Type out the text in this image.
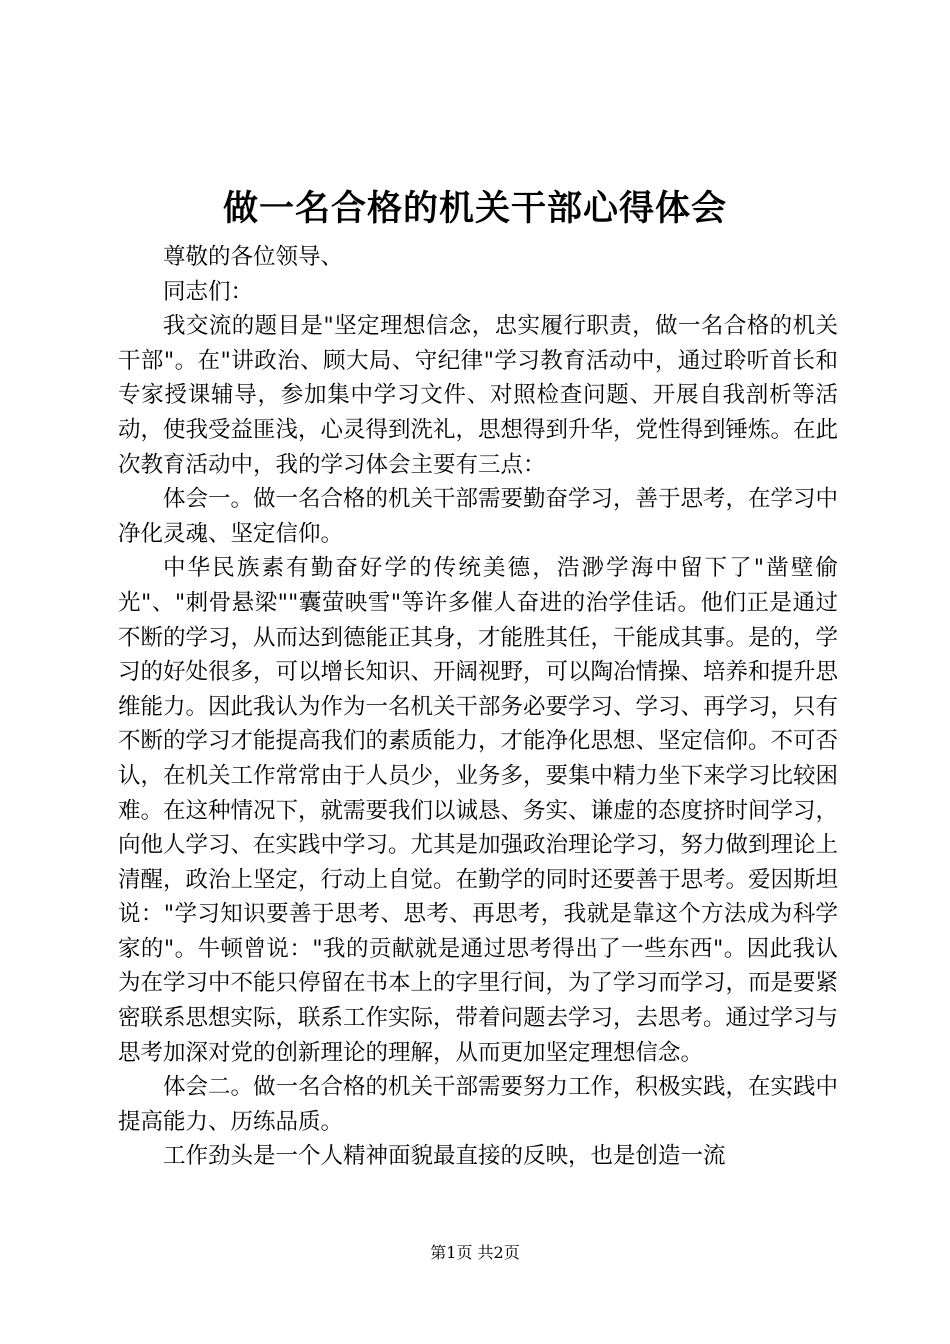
做一名合格的机关干部心得体会

尊敬的各位领导、

同志们：

我交流的题目是"坚定理想信念，忠实履行职责，做一名合格的机关干部"。在"讲政治、顾大局、守纪律"学习教育活动中，通过聆听首长和专家授课辅导，参加集中学习文件、对照检查问题、开展自我剖析等活动，使我受益匪浅，心灵得到洗礼，思想得到升华，党性得到锤炼。在此次教育活动中，我的学习体会主要有三点：

体会一。做一名合格的机关干部需要勤奋学习，善于思考，在学习中净化灵魂、坚定信仰。

中华民族素有勤奋好学的传统美德，浩渺学海中留下了"凿壁偷光"、"刺骨悬梁""囊萤映雪"等许多催人奋进的治学佳话。他们正是通过不断的学习，从而达到德能正其身，才能胜其任，干能成其事。是的，学习的好处很多，可以增长知识、开阔视野，可以陶冶情操、培养和提升思维能力。因此我认为作为一名机关干部务必要学习、学习、再学习，只有不断的学习才能提高我们的素质能力，才能净化思想、坚定信仰。不可否认，在机关工作常常由于人员少，业务多，要集中精力坐下来学习比较困难。在这种情况下，就需要我们以诚恳、务实、谦虚的态度挤时间学习，向他人学习、在实践中学习。尤其是加强政治理论学习，努力做到理论上清醒，政治上坚定，行动上自觉。在勤学的同时还要善于思考。爱因斯坦说："学习知识要善于思考、思考、再思考，我就是靠这个方法成为科学家的"。牛顿曾说："我的贡献就是通过思考得出了一些东西"。因此我认为在学习中不能只停留在书本上的字里行间，为了学习而学习，而是要紧密联系思想实际，联系工作实际，带着问题去学习，去思考。通过学习与思考加深对党的创新理论的理解，从而更加坚定理想信念。

体会二。做一名合格的机关干部需要努力工作，积极实践，在实践中提高能力、历练品质。

工作劲头是一个人精神面貌最直接的反映，也是创造一流

第1页 共2页
